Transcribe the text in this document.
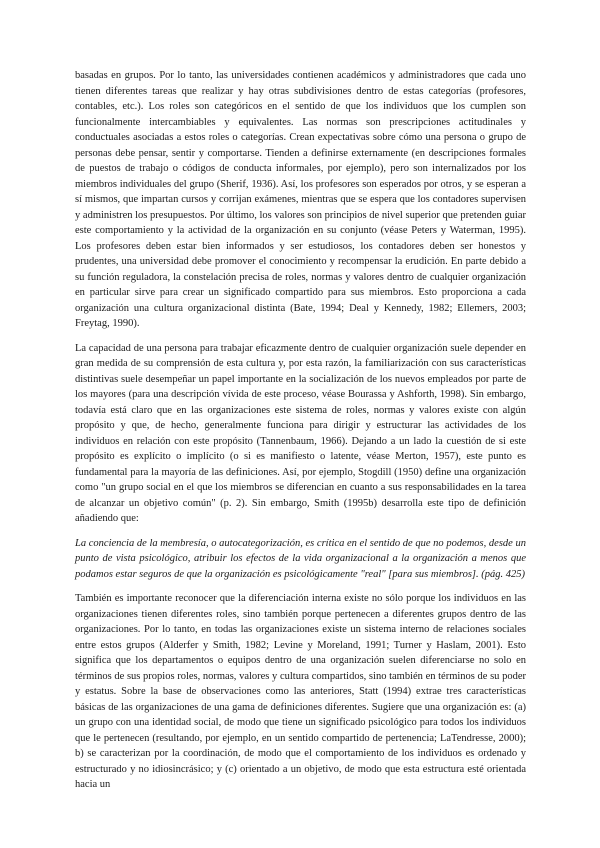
basadas en grupos. Por lo tanto, las universidades contienen académicos y administradores que cada uno tienen diferentes tareas que realizar y hay otras subdivisiones dentro de estas categorías (profesores, contables, etc.). Los roles son categóricos en el sentido de que los individuos que los cumplen son funcionalmente intercambiables y equivalentes. Las normas son prescripciones actitudinales y conductuales asociadas a estos roles o categorías. Crean expectativas sobre cómo una persona o grupo de personas debe pensar, sentir y comportarse. Tienden a definirse externamente (en descripciones formales de puestos de trabajo o códigos de conducta informales, por ejemplo), pero son internalizados por los miembros individuales del grupo (Sherif, 1936). Así, los profesores son esperados por otros, y se esperan a sí mismos, que impartan cursos y corrijan exámenes, mientras que se espera que los contadores supervisen y administren los presupuestos. Por último, los valores son principios de nivel superior que pretenden guiar este comportamiento y la actividad de la organización en su conjunto (véase Peters y Waterman, 1995). Los profesores deben estar bien informados y ser estudiosos, los contadores deben ser honestos y prudentes, una universidad debe promover el conocimiento y recompensar la erudición. En parte debido a su función reguladora, la constelación precisa de roles, normas y valores dentro de cualquier organización en particular sirve para crear un significado compartido para sus miembros. Esto proporciona a cada organización una cultura organizacional distinta (Bate, 1994; Deal y Kennedy, 1982; Ellemers, 2003; Freytag, 1990).

La capacidad de una persona para trabajar eficazmente dentro de cualquier organización suele depender en gran medida de su comprensión de esta cultura y, por esta razón, la familiarización con sus características distintivas suele desempeñar un papel importante en la socialización de los nuevos empleados por parte de los mayores (para una descripción vívida de este proceso, véase Bourassa y Ashforth, 1998). Sin embargo, todavía está claro que en las organizaciones este sistema de roles, normas y valores existe con algún propósito y que, de hecho, generalmente funciona para dirigir y estructurar las actividades de los individuos en relación con este propósito (Tannenbaum, 1966). Dejando a un lado la cuestión de si este propósito es explícito o implícito (o si es manifiesto o latente, véase Merton, 1957), este punto es fundamental para la mayoría de las definiciones. Así, por ejemplo, Stogdill (1950) define una organización como "un grupo social en el que los miembros se diferencian en cuanto a sus responsabilidades en la tarea de alcanzar un objetivo común" (p. 2). Sin embargo, Smith (1995b) desarrolla este tipo de definición añadiendo que:

La conciencia de la membresía, o autocategorización, es crítica en el sentido de que no podemos, desde un punto de vista psicológico, atribuir los efectos de la vida organizacional a la organización a menos que podamos estar seguros de que la organización es psicológicamente "real" [para sus miembros]. (pág. 425)

También es importante reconocer que la diferenciación interna existe no sólo porque los individuos en las organizaciones tienen diferentes roles, sino también porque pertenecen a diferentes grupos dentro de las organizaciones. Por lo tanto, en todas las organizaciones existe un sistema interno de relaciones sociales entre estos grupos (Alderfer y Smith, 1982; Levine y Moreland, 1991; Turner y Haslam, 2001). Esto significa que los departamentos o equipos dentro de una organización suelen diferenciarse no solo en términos de sus propios roles, normas, valores y cultura compartidos, sino también en términos de su poder y estatus. Sobre la base de observaciones como las anteriores, Statt (1994) extrae tres características básicas de las organizaciones de una gama de definiciones diferentes. Sugiere que una organización es: (a) un grupo con una identidad social, de modo que tiene un significado psicológico para todos los individuos que le pertenecen (resultando, por ejemplo, en un sentido compartido de pertenencia; LaTendresse, 2000); b) se caracterizan por la coordinación, de modo que el comportamiento de los individuos es ordenado y estructurado y no idiosincrásico; y (c) orientado a un objetivo, de modo que esta estructura esté orientada hacia un
